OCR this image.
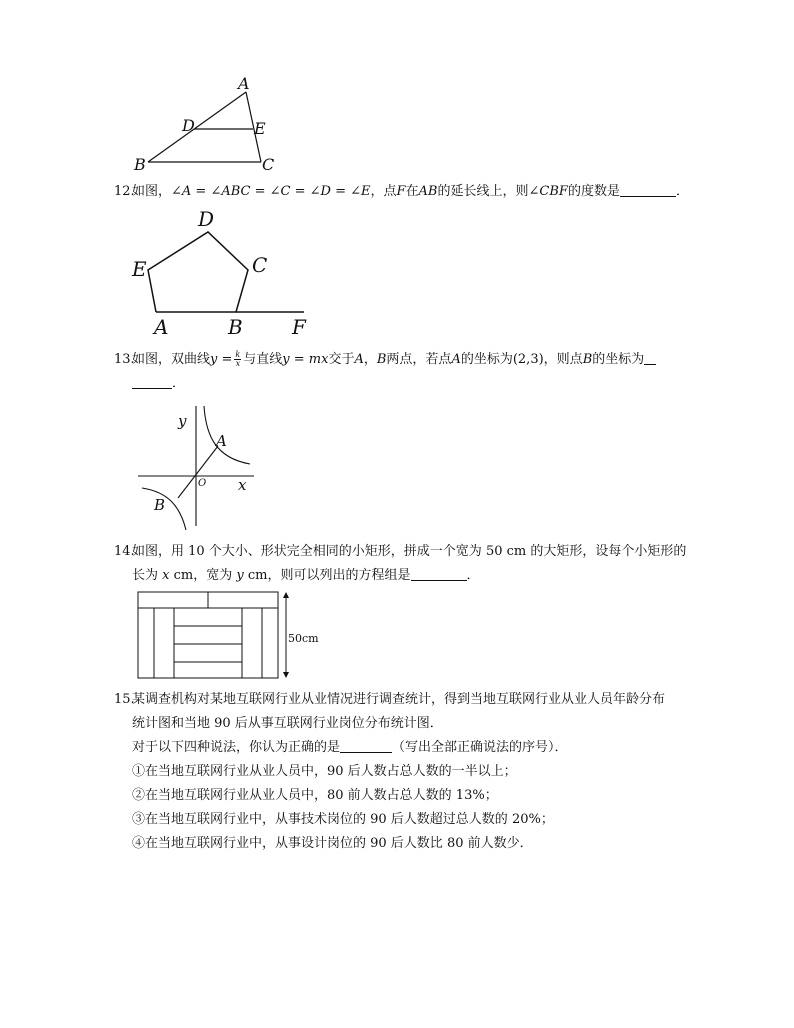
A
D	E
B	C
12.如图，∠A = ∠ABC = ∠C = ∠D = ∠E，点F在AB的延长线上，则∠CBF的度数是	．
D
E	C
A	B F
13.如图，双曲线$y = \frac{k}{x}$ 与直线y = mx交于A，B两点，若点A的坐标为(2,3)，则点B的坐标为
．
y
x
O
A
B
14.如图，用 10 个大小、形状完全相同的小矩形，拼成一个宽为 50 cm 的大矩形，设每个小矩形的
长为 x cm，宽为 y cm，则可以列出的方程组是	．
50cm
15.某调查机构对某地互联网行业从业情况进行调查统计，得到当地互联网行业从业人员年龄分布
统计图和当地 90 后从事互联网行业岗位分布统计图．
对于以下四种说法，你认为正确的是	（写出全部正确说法的序号）．
①在当地互联网行业从业人员中，90 后人数占总人数的一半以上；
②在当地互联网行业从业人员中，80 前人数占总人数的 13%；
③在当地互联网行业中，从事技术岗位的 90 后人数超过总人数的 20%；
④在当地互联网行业中，从事设计岗位的 90 后人数比 80 前人数少．
